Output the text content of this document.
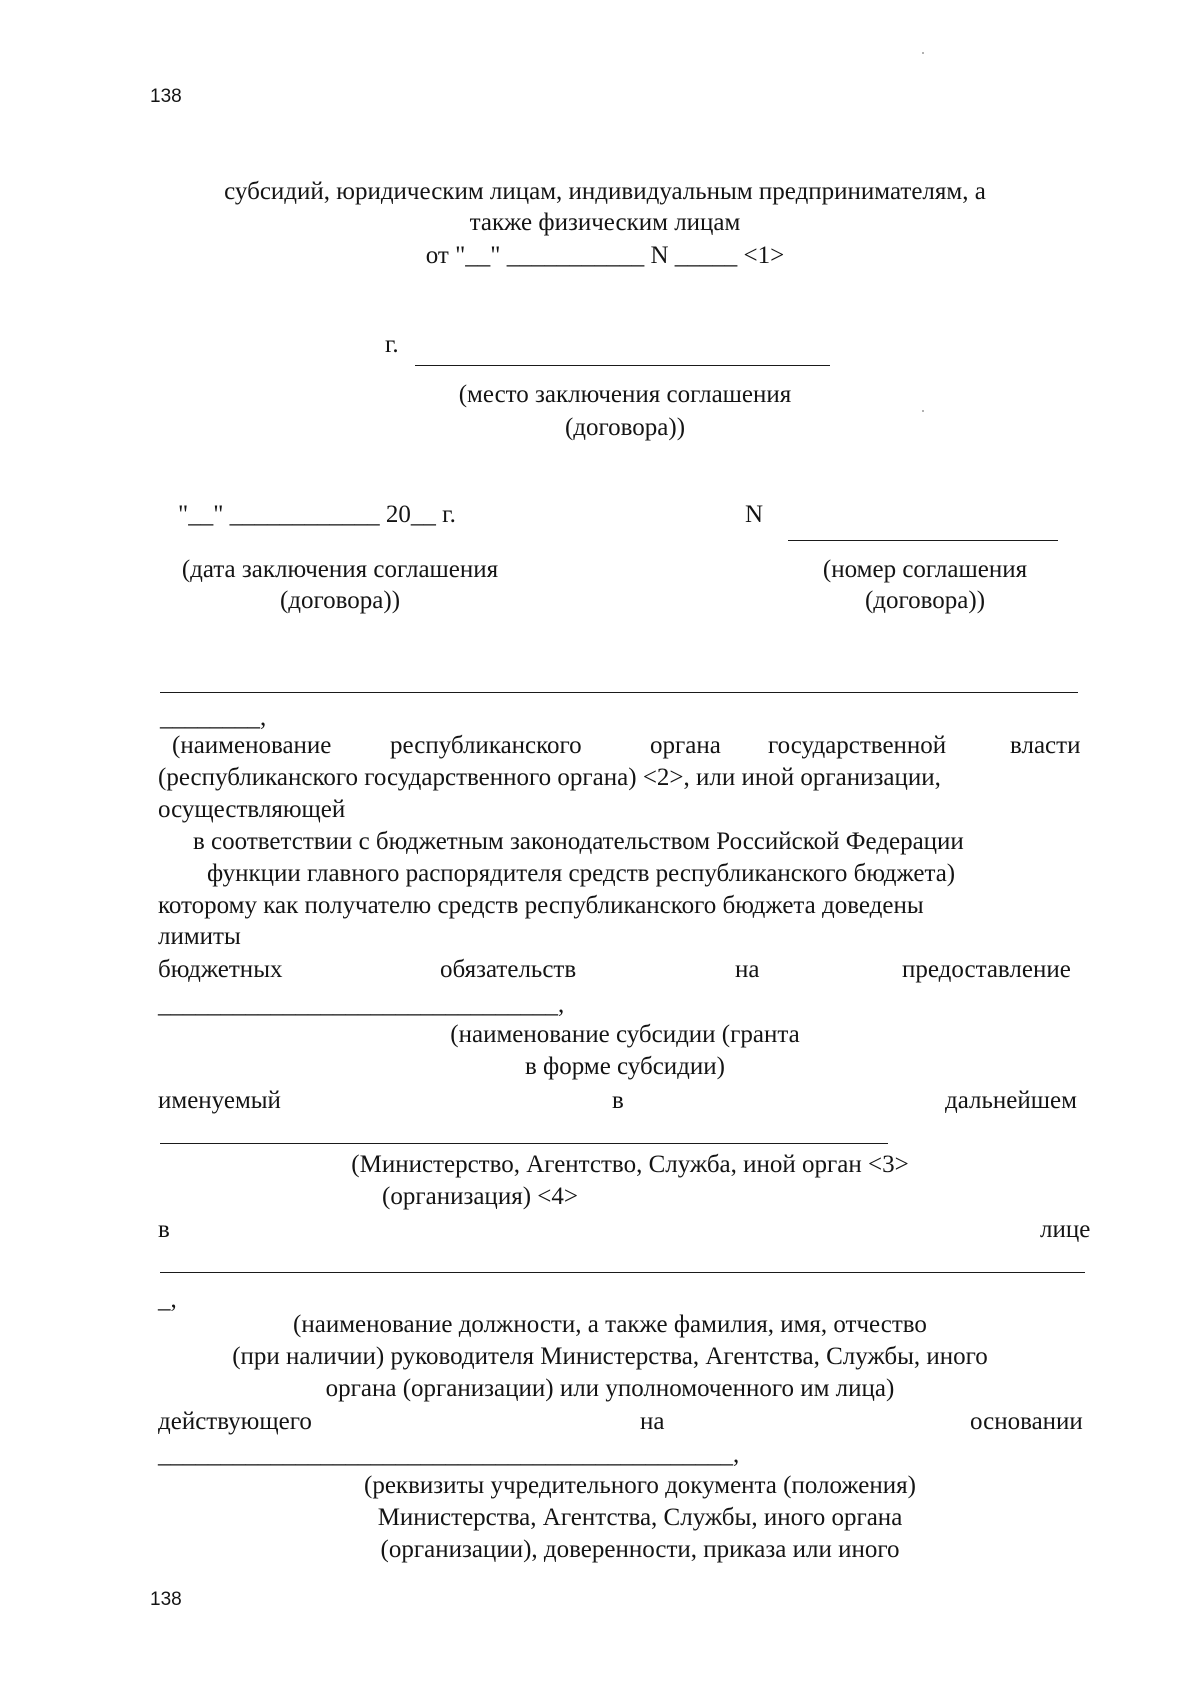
138
138
субсидий, юридическим лицам, индивидуальным предпринимателям, а
также физическим лицам
от "__" ___________ N _____ <1>
г.
(место заключения соглашения
(договора))
"__" ____________ 20__ г.	N
(дата заключения соглашения
(договора))
(номер соглашения
(договора))
________,
(наименование республиканского	органа государственной	власти
(республиканского государственного органа) <2>, или иной организации,
осуществляющей
в соответствии с бюджетным законодательством Российской Федерации
функции главного распорядителя средств республиканского бюджета)
которому как получателю средств республиканского бюджета доведены
лимиты
бюджетных	обязательств	на	предоставление
________________________________,
(наименование субсидии (гранта
в форме субсидии)
именуемый	в	дальнейшем
(Министерство, Агентство, Служба, иной орган <3>
(организация) <4>
в	лице
_,
(наименование должности, а также фамилия, имя, отчество
(при наличии) руководителя Министерства, Агентства, Службы, иного
органа (организации) или уполномоченного им лица)
действующего	на	основании
______________________________________________,
(реквизиты учредительного документа (положения)
Министерства, Агентства, Службы, иного органа
(организации), доверенности, приказа или иного
